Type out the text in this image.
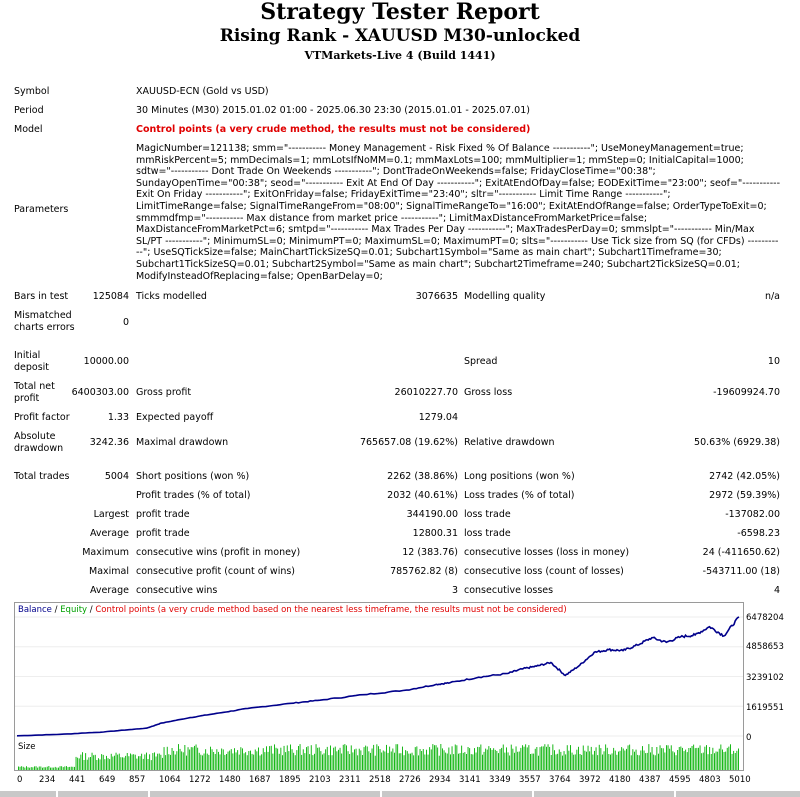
Strategy Tester Report
Rising Rank - XAUUSD M30-unlocked
VTMarkets-Live 4 (Build 1441)
Symbol	XAUUSD-ECN (Gold vs USD)
Period	30 Minutes (M30) 2015.01.02 01:00 - 2025.06.30 23:30 (2015.01.01 - 2025.07.01)
Model	Control points (a very crude method, the results must not be considered)
Parameters
MagicNumber=121138; smm="----------- Money Management - Risk Fixed % Of Balance -----------"; UseMoneyManagement=true; mmRiskPercent=5; mmDecimals=1; mmLotsIfNoMM=0.1; mmMaxLots=100; mmMultiplier=1; mmStep=0; InitialCapital=1000; sdtw="----------- Dont Trade On Weekends -----------"; DontTradeOnWeekends=false; FridayCloseTime="00:38"; SundayOpenTime="00:38"; seod="----------- Exit At End Of Day -----------"; ExitAtEndOfDay=false; EODExitTime="23:00"; seof="----------- Exit On Friday -----------"; ExitOnFriday=false; FridayExitTime="23:40"; sltr="----------- Limit Time Range -----------"; LimitTimeRange=false; SignalTimeRangeFrom="08:00"; SignalTimeRangeTo="16:00"; ExitAtEndOfRange=false; OrderTypeToExit=0; smmmdfmp="----------- Max distance from market price -----------"; LimitMaxDistanceFromMarketPrice=false; MaxDistanceFromMarketPct=6; smtpd="----------- Max Trades Per Day -----------"; MaxTradesPerDay=0; smmslpt="----------- Min/Max SL/PT -----------"; MinimumSL=0; MinimumPT=0; MaximumSL=0; MaximumPT=0; slts="----------- Use Tick size from SQ (for CFDs) -----------"; UseSQTickSize=false; MainChartTickSizeSQ=0.01; Subchart1Symbol="Same as main chart"; Subchart1Timeframe=30; Subchart1TickSizeSQ=0.01; Subchart2Symbol="Same as main chart"; Subchart2Timeframe=240; Subchart2TickSizeSQ=0.01; ModifyInsteadOfReplacing=false; OpenBarDelay=0;
Bars in test	125084 Ticks modelled	3076635 Modelling quality	n/a
Mismatched
charts errors	0
Initial
deposit
10000.00	Spread	10
Total net
profit
6400303.00 Gross profit	26010227.70 Gross loss	-19609924.70
Profit factor	1.33 Expected payoff	1279.04
Absolute
drawdown
3242.36 Maximal drawdown	765657.08 (19.62%) Relative drawdown	50.63% (6929.38)
Total trades	5004 Short positions (won %)	2262 (38.86%) Long positions (won %)	2742 (42.05%)
Profit trades (% of total)	2032 (40.61%) Loss trades (% of total)	2972 (59.39%)
Largest profit trade	344190.00 loss trade	-137082.00
Average profit trade	12800.31 loss trade	-6598.23
Maximum consecutive wins (profit in money)	12 (383.76) consecutive losses (loss in money)	24 (-411650.62)
Maximal consecutive profit (count of wins)	785762.82 (8) consecutive loss (count of losses)	-543711.00 (18)
Average consecutive wins	3 consecutive losses	4
Balance / Equity / Control points (a very crude method based on the nearest less timeframe, the results must not be considered)
Size
6478204
4858653
3239102
1619551
0
0 234 441 649 857 1064 1272 1480 1687 1895 2103 2311 2518 2726 2934 3141 3349 3557 3764 3972 4180 4387 4595 4803 5010
